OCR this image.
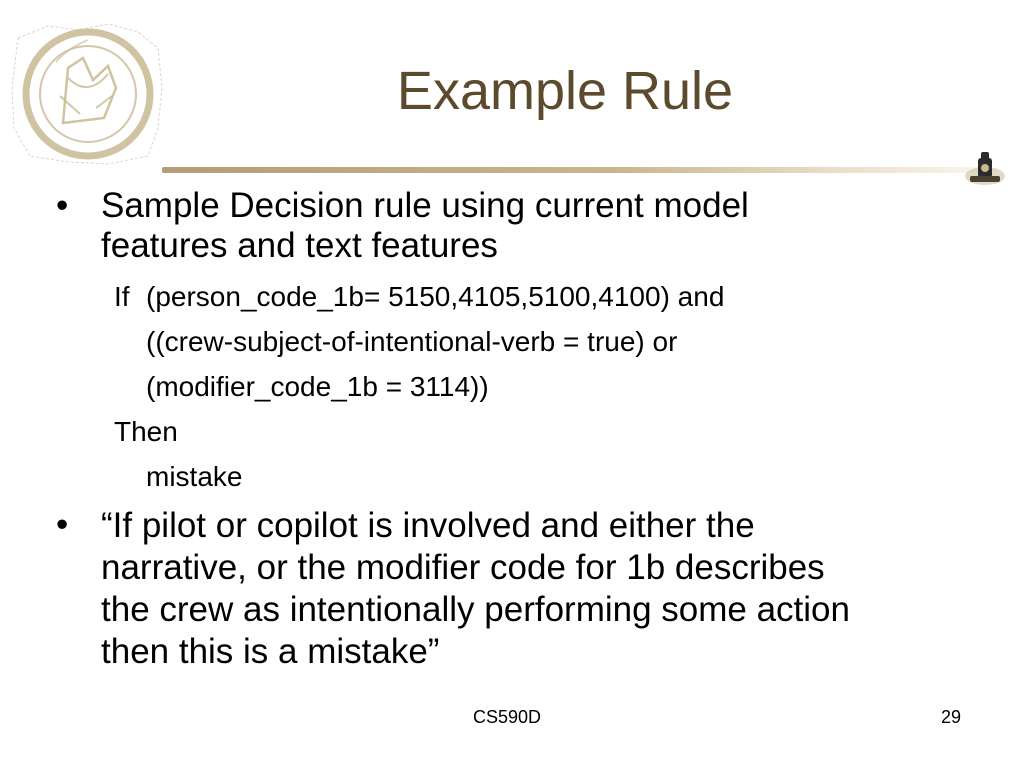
Example Rule
• Sample Decision rule using current model
features and text features
If (person_code_1b= 5150,4105,5100,4100) and
((crew-subject-of-intentional-verb = true) or
(modifier_code_1b = 3114))
Then
mistake
• “If pilot or copilot is involved and either the
narrative, or the modifier code for 1b describes
the crew as intentionally performing some action
then this is a mistake”
CS590D	29
